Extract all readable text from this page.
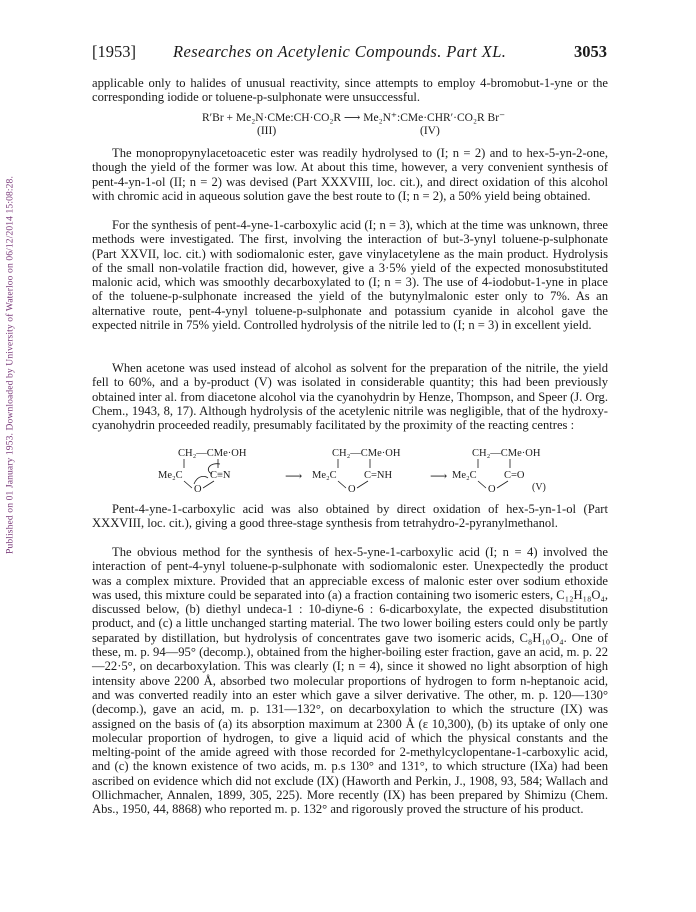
Published on 01 January 1953. Downloaded by University of Waterloo on 06/12/2014 15:08:28.
[1953] Researches on Acetylenic Compounds. Part XL.	3053

applicable only to halides of unusual reactivity, since attempts to employ 4-bromobut-1-yne or the corresponding iodide or toluene-p-sulphonate were unsuccessful.

R′Br + Me₂N·CMe:CH·CO₂R ⟶ Me₂N⁺:CMe·CHR′·CO₂R Br⁻
(III)	(IV)

The monopropynylacetoacetic ester was readily hydrolysed to (I; n = 2) and to hex-5-yn-2-one, though the yield of the former was low. At about this time, however, a very convenient synthesis of pent-4-yn-1-ol (II; n = 2) was devised (Part XXXVIII, loc. cit.), and direct oxidation of this alcohol with chromic acid in aqueous solution gave the best route to (I; n = 2), a 50% yield being obtained.

For the synthesis of pent-4-yne-1-carboxylic acid (I; n = 3), which at the time was unknown, three methods were investigated. The first, involving the interaction of but-3-ynyl toluene-p-sulphonate (Part XXVII, loc. cit.) with sodiomalonic ester, gave vinylacetylene as the main product. Hydrolysis of the small non-volatile fraction did, however, give a 3·5% yield of the expected monosubstituted malonic acid, which was smoothly decarboxylated to (I; n = 3). The use of 4-iodobut-1-yne in place of the toluene-p-sulphonate increased the yield of the butynylmalonic ester only to 7%. As an alternative route, pent-4-ynyl toluene-p-sulphonate and potassium cyanide in alcohol gave the expected nitrile in 75% yield. Controlled hydrolysis of the nitrile led to (I; n = 3) in excellent yield.

When acetone was used instead of alcohol as solvent for the preparation of the nitrile, the yield fell to 60%, and a by-product (V) was isolated in considerable quantity; this had been previously obtained inter al. from diacetone alcohol via the cyanohydrin by Henze, Thompson, and Speer (J. Org. Chem., 1943, 8, 17). Although hydrolysis of the acetylenic nitrile was negligible, that of the hydroxy-cyanohydrin proceeded readily, presumably facilitated by the proximity of the reacting centres :

CH₂—CMe·OH
Me₂C	C≡N
O
⟶
CH₂—CMe·OH
Me₂C	C=NH
O
⟶
CH₂—CMe·OH
Me₂C	C=O
O	(V)

Pent-4-yne-1-carboxylic acid was also obtained by direct oxidation of hex-5-yn-1-ol (Part XXXVIII, loc. cit.), giving a good three-stage synthesis from tetrahydro-2-pyranylmethanol.

The obvious method for the synthesis of hex-5-yne-1-carboxylic acid (I; n = 4) involved the interaction of pent-4-ynyl toluene-p-sulphonate with sodiomalonic ester. Unexpectedly the product was a complex mixture. Provided that an appreciable excess of malonic ester over sodium ethoxide was used, this mixture could be separated into (a) a fraction containing two isomeric esters, C₁₂H₁₈O₄, discussed below, (b) diethyl undeca-1 : 10-diyne-6 : 6-dicarboxylate, the expected disubstitution product, and (c) a little unchanged starting material. The two lower boiling esters could only be partly separated by distillation, but hydrolysis of concentrates gave two isomeric acids, C₈H₁₀O₄. One of these, m. p. 94—95° (decomp.), obtained from the higher-boiling ester fraction, gave an acid, m. p. 22—22·5°, on decarboxylation. This was clearly (I; n = 4), since it showed no light absorption of high intensity above 2200 Å, absorbed two molecular proportions of hydrogen to form n-heptanoic acid, and was converted readily into an ester which gave a silver derivative. The other, m. p. 120—130° (decomp.), gave an acid, m. p. 131—132°, on decarboxylation to which the structure (IX) was assigned on the basis of (a) its absorption maximum at 2300 Å (ε 10,300), (b) its uptake of only one molecular proportion of hydrogen, to give a liquid acid of which the physical constants and the melting-point of the amide agreed with those recorded for 2-methylcyclopentane-1-carboxylic acid, and (c) the known existence of two acids, m. p.s 130° and 131°, to which structure (IXa) had been ascribed on evidence which did not exclude (IX) (Haworth and Perkin, J., 1908, 93, 584; Wallach and Ollichmacher, Annalen, 1899, 305, 225). More recently (IX) has been prepared by Shimizu (Chem. Abs., 1950, 44, 8868) who reported m. p. 132° and rigorously proved the structure of his product.
